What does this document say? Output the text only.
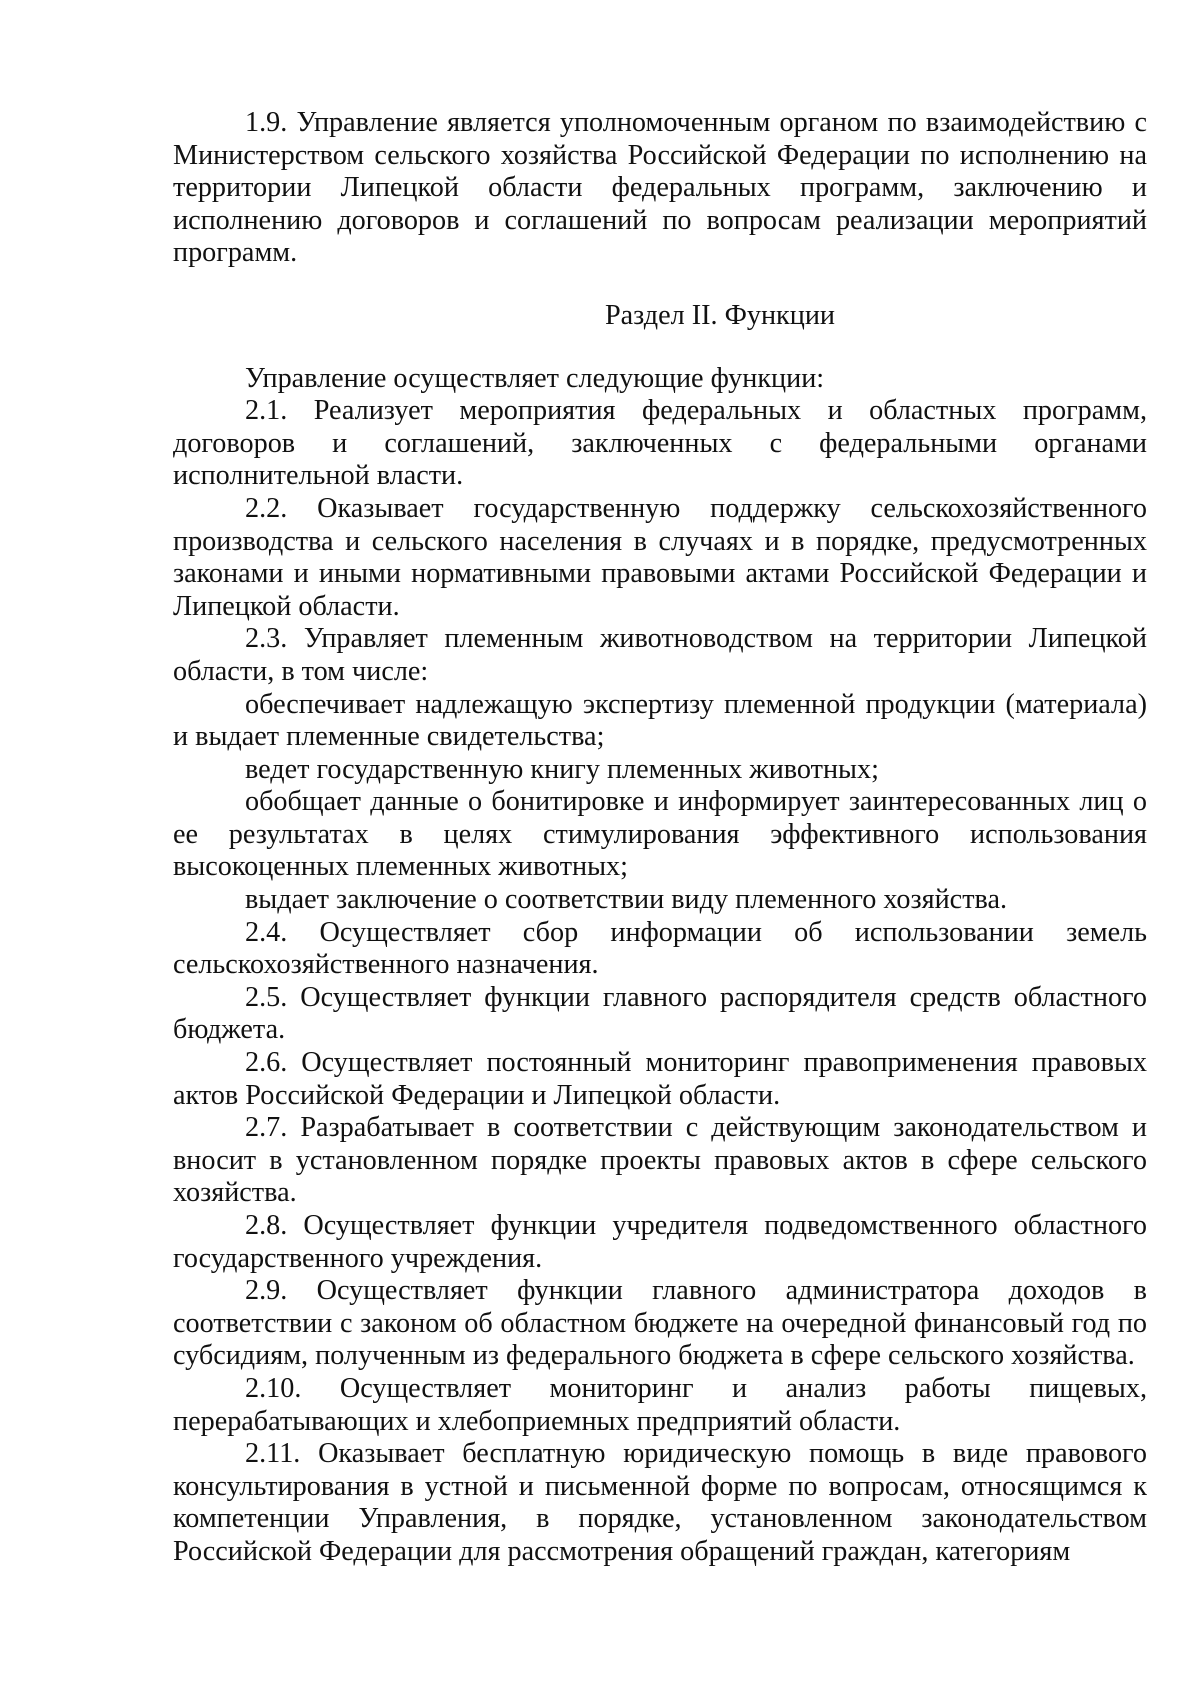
1.9. Управление является уполномоченным органом по взаимодействию с Министерством сельского хозяйства Российской Федерации по исполнению на территории Липецкой области федеральных программ, заключению и исполнению договоров и соглашений по вопросам реализации мероприятий программ.

Раздел II. Функции

Управление осуществляет следующие функции:

2.1. Реализует мероприятия федеральных и областных программ, договоров и соглашений, заключенных с федеральными органами исполнительной власти.

2.2. Оказывает государственную поддержку сельскохозяйственного производства и сельского населения в случаях и в порядке, предусмотренных законами и иными нормативными правовыми актами Российской Федерации и Липецкой области.

2.3. Управляет племенным животноводством на территории Липецкой области, в том числе:

обеспечивает надлежащую экспертизу племенной продукции (материала) и выдает племенные свидетельства;

ведет государственную книгу племенных животных;

обобщает данные о бонитировке и информирует заинтересованных лиц о ее результатах в целях стимулирования эффективного использования высокоценных племенных животных;

выдает заключение о соответствии виду племенного хозяйства.

2.4. Осуществляет сбор информации об использовании земель сельскохозяйственного назначения.

2.5. Осуществляет функции главного распорядителя средств областного бюджета.

2.6. Осуществляет постоянный мониторинг правоприменения правовых актов Российской Федерации и Липецкой области.

2.7. Разрабатывает в соответствии с действующим законодательством и вносит в установленном порядке проекты правовых актов в сфере сельского хозяйства.

2.8. Осуществляет функции учредителя подведомственного областного государственного учреждения.

2.9. Осуществляет функции главного администратора доходов в соответствии с законом об областном бюджете на очередной финансовый год по субсидиям, полученным из федерального бюджета в сфере сельского хозяйства.

2.10. Осуществляет мониторинг и анализ работы пищевых, перерабатывающих и хлебоприемных предприятий области.

2.11. Оказывает бесплатную юридическую помощь в виде правового консультирования в устной и письменной форме по вопросам, относящимся к компетенции Управления, в порядке, установленном законодательством Российской Федерации для рассмотрения обращений граждан, категориям
